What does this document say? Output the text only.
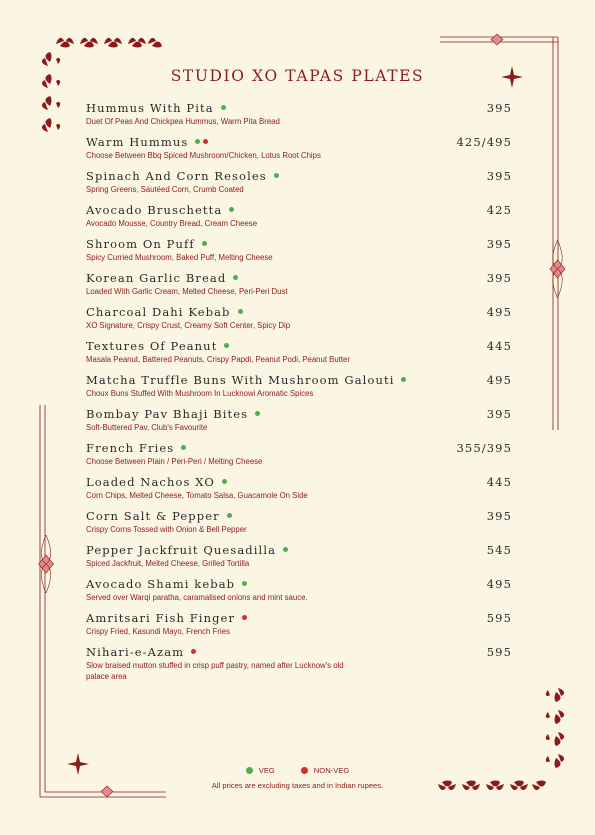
STUDIO XO TAPAS PLATES
Hummus With Pita	395
Duet Of Peas And Chickpea Hummus, Warm Pita Bread
Warm Hummus	425/495
Choose Between Bbq Spiced Mushroom/Chicken, Lotus Root Chips
Spinach And Corn Resoles	395
Spring Greens, Sautéed Corn, Crumb Coated
Avocado Bruschetta	425
Avocado Mousse, Country Bread, Cream Cheese
Shroom On Puff	395
Spicy Curried Mushroom, Baked Puff, Melting Cheese
Korean Garlic Bread	395
Loaded With Garlic Cream, Melted Cheese, Peri-Peri Dust
Charcoal Dahi Kebab	495
XO Signature, Crispy Crust, Creamy Soft Center, Spicy Dip
Textures Of Peanut	445
Masala Peanut, Battered Peanuts, Crispy Papdi, Peanut Podi, Peanut Butter
Matcha Truffle Buns With Mushroom Galouti	495
Choux Buns Stuffed With Mushroom In Lucknowi Aromatic Spices
Bombay Pav Bhaji Bites	395
Soft-Buttered Pav, Club's Favourite
French Fries	355/395
Choose Between Plain / Peri-Peri / Melting Cheese
Loaded Nachos XO	445
Corn Chips, Melted Cheese, Tomato Salsa, Guacamole On Side
Corn Salt & Pepper	395
Crispy Corns Tossed with Onion & Bell Pepper
Pepper Jackfruit Quesadilla	545
Spiced Jackfruit, Melted Cheese, Grilled Tortilla
Avocado Shami kebab	495
Served over Warqi paratha, caramalised onions and mint sauce.
Amritsari Fish Finger	595
Crispy Fried, Kasundi Mayo, French Fries
Nihari-e-Azam	595
Slow braised mutton stuffed in crisp puff pastry, named after Lucknow's old palace area
VEG	NON-VEG
All prices are excluding taxes and in Indian rupees.
